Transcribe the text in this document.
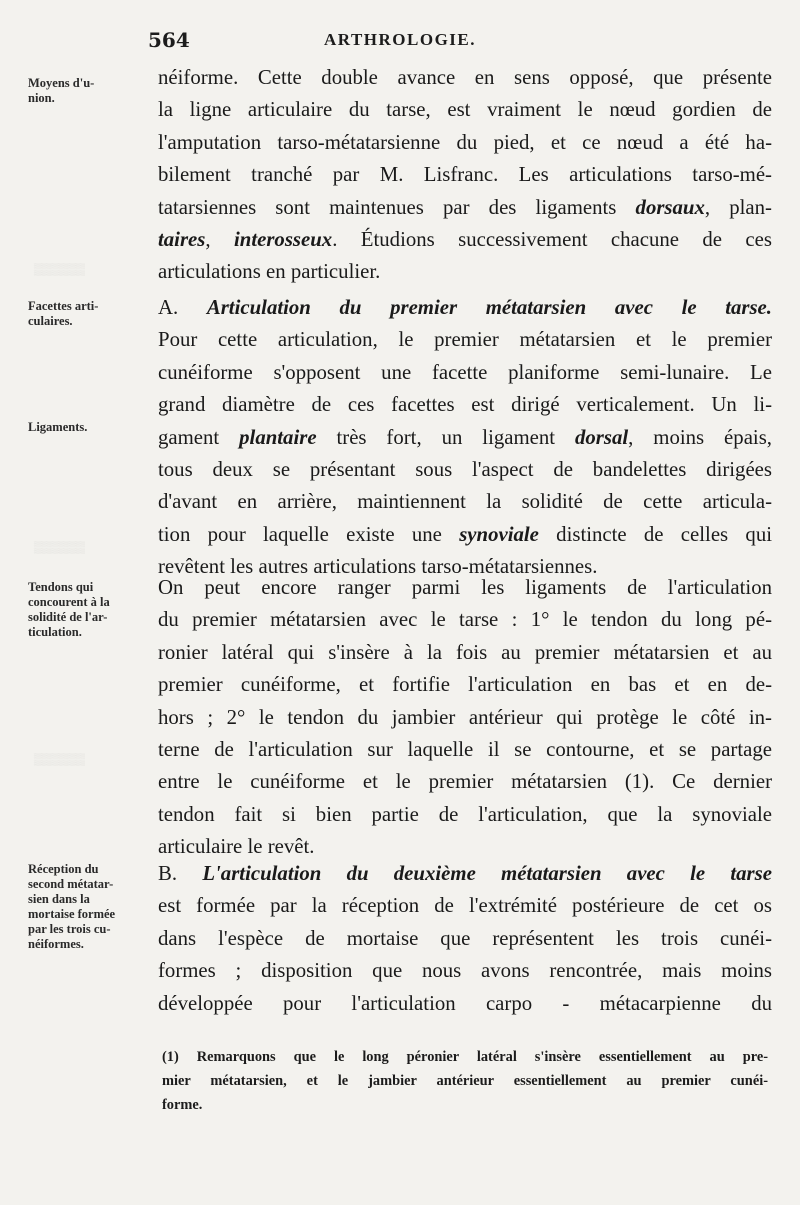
564	ARTHROLOGIE.
▒▒▒▒▒▒
▒▒▒▒▒▒
▒▒▒▒▒▒
Moyens d'u-
nion.
Facettes arti-
culaires.
Ligaments.
Tendons qui
concourent à la
solidité de l'ar-
ticulation.
Réception du
second métatar-
sien dans la
mortaise formée
par les trois cu-
néiformes.
néiforme. Cette double avance en sens opposé, que présente
la ligne articulaire du tarse, est vraiment le nœud gordien de
l'amputation tarso-métatarsienne du pied, et ce nœud a été ha-
bilement tranché par M. Lisfranc. Les articulations tarso-mé-
tatarsiennes sont maintenues par des ligaments dorsaux, plan-
taires, interosseux. Étudions successivement chacune de ces
articulations en particulier.
A. Articulation du premier métatarsien avec le tarse.
Pour cette articulation, le premier métatarsien et le premier
cunéiforme s'opposent une facette planiforme semi-lunaire. Le
grand diamètre de ces facettes est dirigé verticalement. Un li-
gament plantaire très fort, un ligament dorsal, moins épais,
tous deux se présentant sous l'aspect de bandelettes dirigées
d'avant en arrière, maintiennent la solidité de cette articula-
tion pour laquelle existe une synoviale distincte de celles qui
revêtent les autres articulations tarso-métatarsiennes.
On peut encore ranger parmi les ligaments de l'articulation
du premier métatarsien avec le tarse : 1° le tendon du long pé-
ronier latéral qui s'insère à la fois au premier métatarsien et au
premier cunéiforme, et fortifie l'articulation en bas et en de-
hors ; 2° le tendon du jambier antérieur qui protège le côté in-
terne de l'articulation sur laquelle il se contourne, et se partage
entre le cunéiforme et le premier métatarsien (1). Ce dernier
tendon fait si bien partie de l'articulation, que la synoviale
articulaire le revêt.
B. L'articulation du deuxième métatarsien avec le tarse
est formée par la réception de l'extrémité postérieure de cet os
dans l'espèce de mortaise que représentent les trois cunéi-
formes ; disposition que nous avons rencontrée, mais moins
développée pour l'articulation carpo - métacarpienne du
(1) Remarquons que le long péronier latéral s'insère essentiellement au pre-
mier métatarsien, et le jambier antérieur essentiellement au premier cunéi-
forme.
